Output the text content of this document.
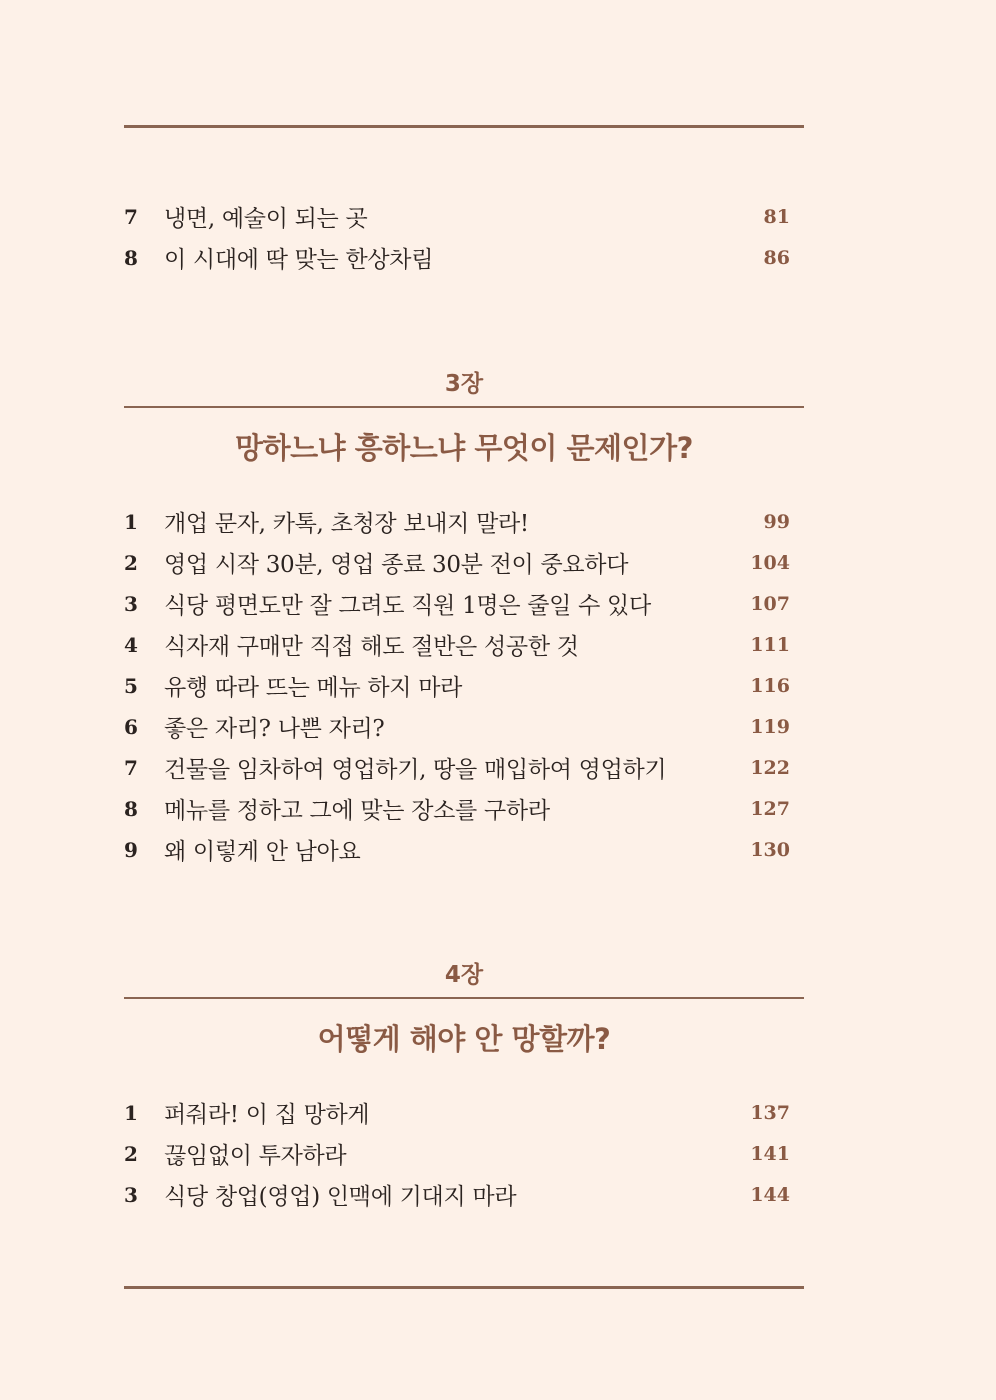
7	냉면, 예술이 되는 곳	81
8	이 시대에 딱 맞는 한상차림	86
3장
망하느냐 흥하느냐 무엇이 문제인가?
1	개업 문자, 카톡, 초청장 보내지 말라!	99
2	영업 시작 30분, 영업 종료 30분 전이 중요하다	104
3	식당 평면도만 잘 그려도 직원 1명은 줄일 수 있다	107
4	식자재 구매만 직접 해도 절반은 성공한 것	111
5	유행 따라 뜨는 메뉴 하지 마라	116
6	좋은 자리? 나쁜 자리?	119
7	건물을 임차하여 영업하기, 땅을 매입하여 영업하기	122
8	메뉴를 정하고 그에 맞는 장소를 구하라	127
9	왜 이렇게 안 남아요	130
4장
어떻게 해야 안 망할까?
1	퍼줘라! 이 집 망하게	137
2	끊임없이 투자하라	141
3	식당 창업(영업) 인맥에 기대지 마라	144
